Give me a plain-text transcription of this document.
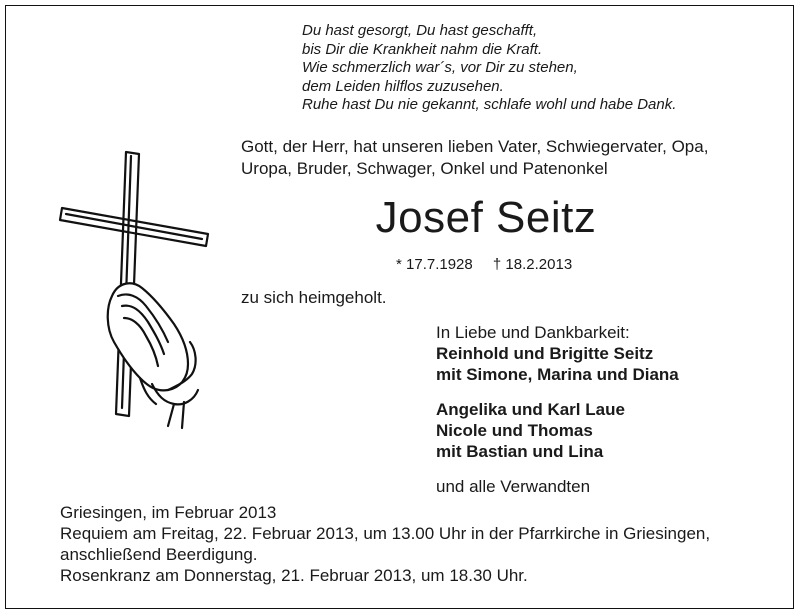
Du hast gesorgt, Du hast geschafft,
bis Dir die Krankheit nahm die Kraft.
Wie schmerzlich war´s, vor Dir zu stehen,
dem Leiden hilflos zuzusehen.
Ruhe hast Du nie gekannt, schlafe wohl und habe Dank.
Gott, der Herr, hat unseren lieben Vater, Schwiegervater, Opa,
Uropa, Bruder, Schwager, Onkel und Patenonkel
Josef Seitz
* 17.7.1928 † 18.2.2013
zu sich heimgeholt.
In Liebe und Dankbarkeit:
Reinhold und Brigitte Seitz
mit Simone, Marina und Diana
Angelika und Karl Laue
Nicole und Thomas
mit Bastian und Lina
und alle Verwandten
Griesingen, im Februar 2013
Requiem am Freitag, 22. Februar 2013, um 13.00 Uhr in der Pfarrkirche in Griesingen,
anschließend Beerdigung.
Rosenkranz am Donnerstag, 21. Februar 2013, um 18.30 Uhr.
